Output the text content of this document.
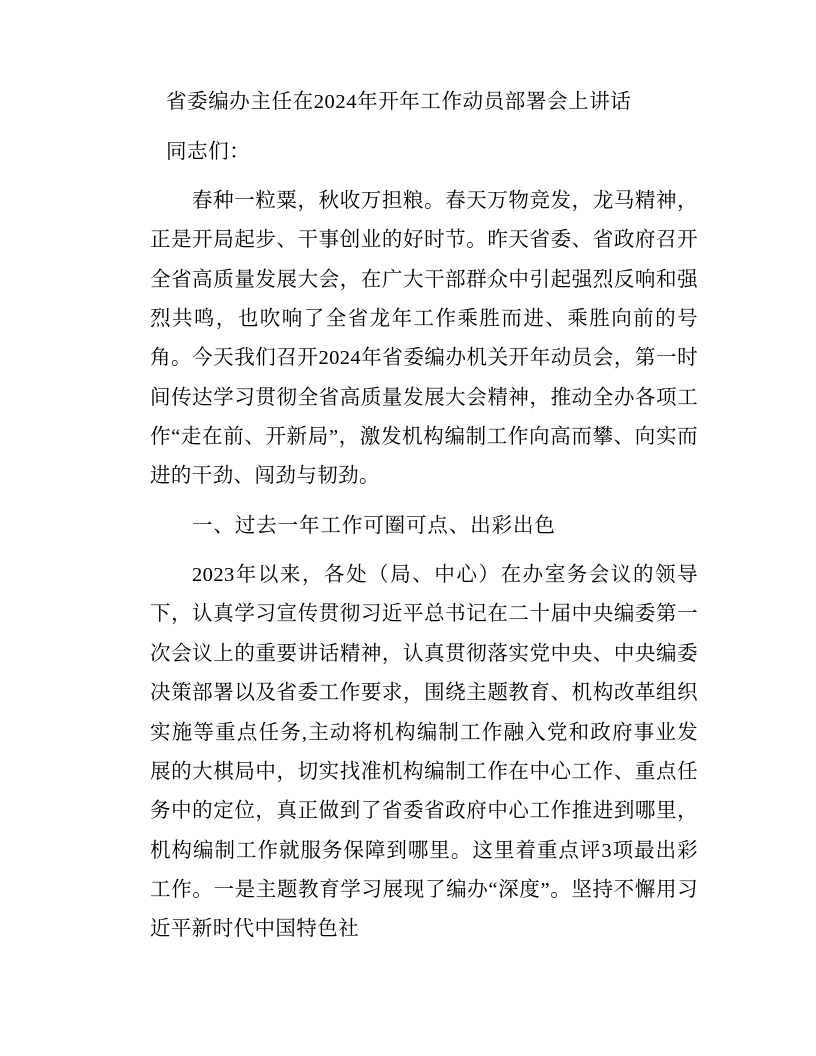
省委编办主任在2024年开年工作动员部署会上讲话
同志们：

春种一粒粟，秋收万担粮。春天万物竞发，龙马精神，正是开局起步、干事创业的好时节。昨天省委、省政府召开全省高质量发展大会，在广大干部群众中引起强烈反响和强烈共鸣，也吹响了全省龙年工作乘胜而进、乘胜向前的号角。今天我们召开2024年省委编办机关开年动员会，第一时间传达学习贯彻全省高质量发展大会精神，推动全办各项工作“走在前、开新局”，激发机构编制工作向高而攀、向实而进的干劲、闯劲与韧劲。

一、过去一年工作可圈可点、出彩出色

2023年以来，各处（局、中心）在办室务会议的领导下，认真学习宣传贯彻习近平总书记在二十届中央编委第一次会议上的重要讲话精神，认真贯彻落实党中央、中央编委决策部署以及省委工作要求，围绕主题教育、机构改革组织实施等重点任务,主动将机构编制工作融入党和政府事业发展的大棋局中，切实找准机构编制工作在中心工作、重点任务中的定位，真正做到了省委省政府中心工作推进到哪里，机构编制工作就服务保障到哪里。这里着重点评3项最出彩工作。一是主题教育学习展现了编办“深度”。坚持不懈用习近平新时代中国特色社
